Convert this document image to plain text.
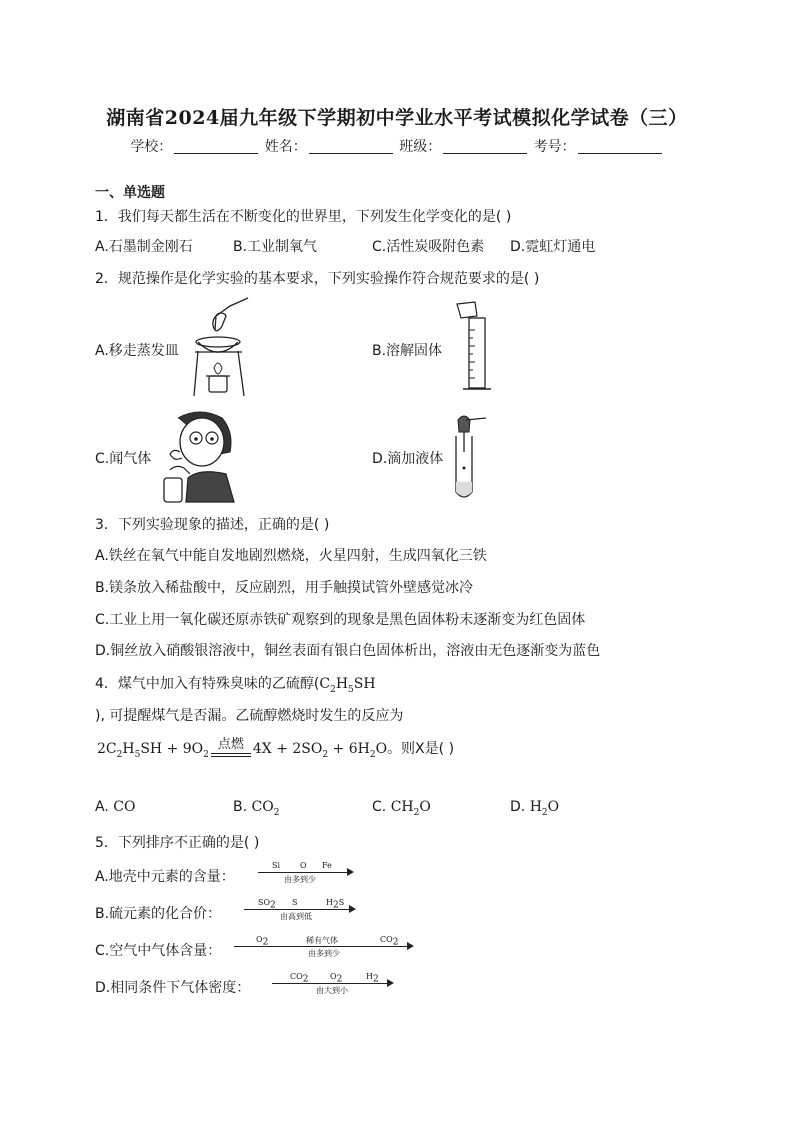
湖南省2024届九年级下学期初中学业水平考试模拟化学试卷（三）
学校：	姓名：	班级：	考号：
一、单选题
1．我们每天都生活在不断变化的世界里，下列发生化学变化的是( )
A.石墨制金刚石	B.工业制氧气	C.活性炭吸附色素 D.霓虹灯通电
2．规范操作是化学实验的基本要求，下列实验操作符合规范要求的是( )
A.移走蒸发皿	B.溶解固体
C.闻气体	D.滴加液体
3．下列实验现象的描述，正确的是( )
A.铁丝在氧气中能自发地剧烈燃烧，火星四射，生成四氧化三铁
B.镁条放入稀盐酸中，反应剧烈，用手触摸试管外壁感觉冰冷
C.工业上用一氧化碳还原赤铁矿观察到的现象是黑色固体粉末逐渐变为红色固体
D.铜丝放入硝酸银溶液中，铜丝表面有银白色固体析出，溶液由无色逐渐变为蓝色
4．煤气中加入有特殊臭味的乙硫醇($C_2H_5SH$
), 可提醒煤气是否漏。乙硫醇燃烧时发生的反应为
$2C_2H_5SH + 9O_2$
点燃 $4X + 2SO_2 + 6H_2O$。则X是( )
A. CO	B. $CO_2$	C. $CH_2O$	D. $H_2O$
5．下列排序不正确的是( )
A.地壳中元素的含量：
Si O Fe
由多到少
B.硫元素的化合价：
$SO_2$ S	$H_2S$
由高到低
C.空气中气体含量：
$O_2$	稀有气体	$CO_2$
由多到少
D.相同条件下气体密度：
$CO_2$	$O_2$	$H_2$
由大到小
